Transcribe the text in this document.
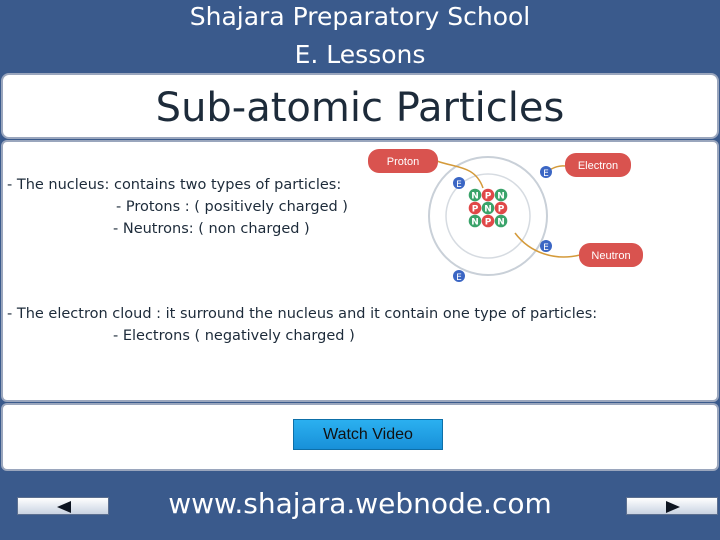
Shajara Preparatory School
E. Lessons
Sub-atomic Particles
- The nucleus: contains two types of particles:
- Protons : ( positively charged )
- Neutrons: ( non charged )
- The electron cloud : it surround the nucleus and it contain one type of particles:
- Electrons ( negatively charged )
Proton	Electron
Neutron
N P N
P N P
N P N
E
E
E
E
Watch Video
www.shajara.webnode.com
